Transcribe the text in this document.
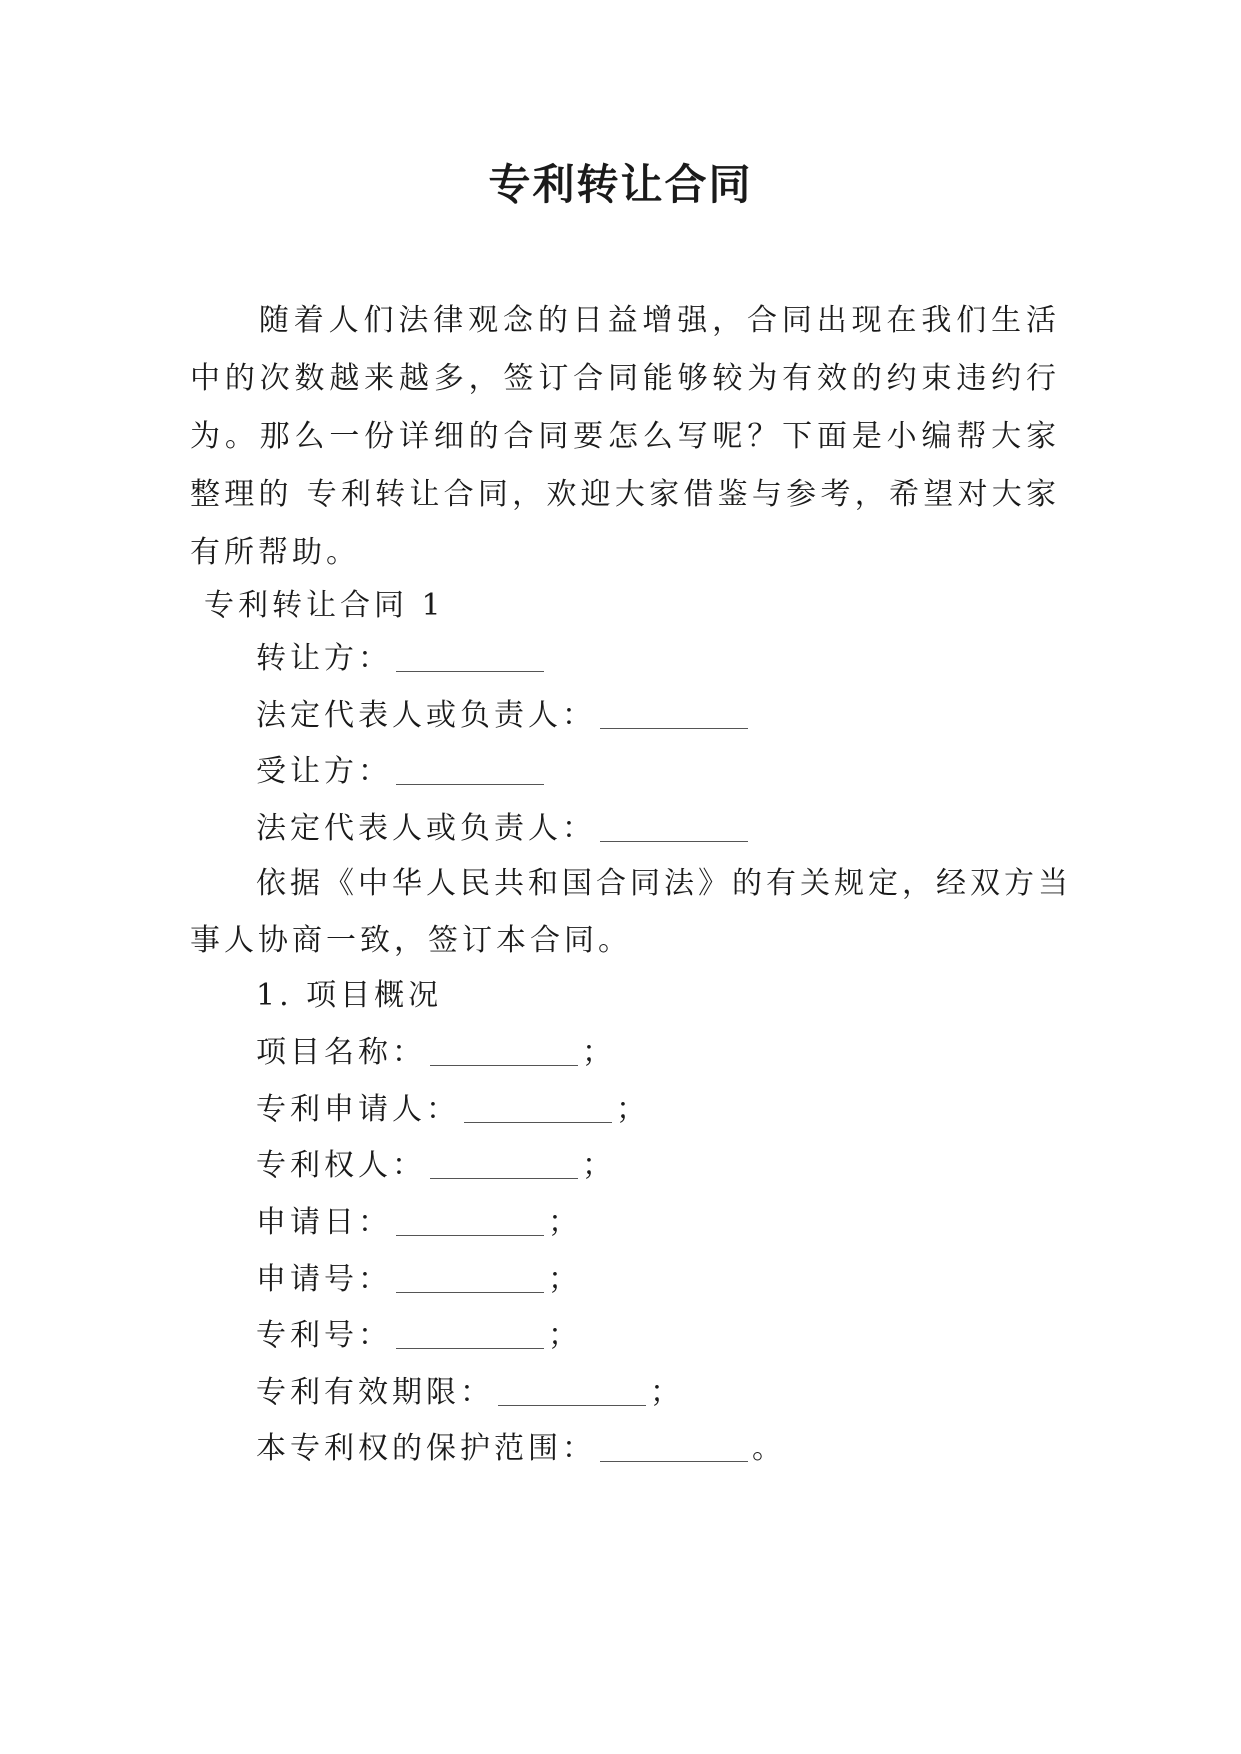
专利转让合同

随着人们法律观念的日益增强，合同出现在我们生活中的次数越来越多，签订合同能够较为有效的约束违约行为。那么一份详细的合同要怎么写呢？下面是小编帮大家整理的 专利转让合同，欢迎大家借鉴与参考，希望对大家有所帮助。

专利转让合同 1
转让方：
法定代表人或负责人：
受让方：
法定代表人或负责人：
依据《中华人民共和国合同法》的有关规定，经双方当
事人协商一致，签订本合同。
1. 项目概况
项目名称：	；
专利申请人：	；
专利权人：	；
申请日：	；
申请号：	；
专利号：	；
专利有效期限：	；
本专利权的保护范围：	。
